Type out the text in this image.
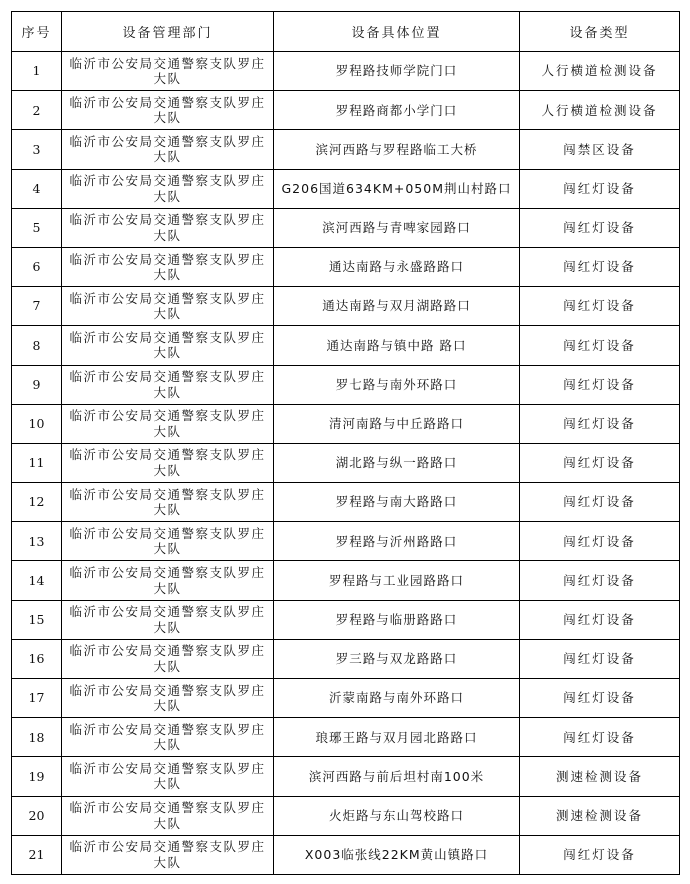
序号	设备管理部门	设备具体位置	设备类型
1	临沂市公安局交通警察支队罗庄大队	罗程路技师学院门口	人行横道检测设备
2	临沂市公安局交通警察支队罗庄大队	罗程路商都小学门口	人行横道检测设备
3	临沂市公安局交通警察支队罗庄大队	滨河西路与罗程路临工大桥	闯禁区设备
4	临沂市公安局交通警察支队罗庄大队	G206国道634KM+050M荆山村路口	闯红灯设备
5	临沂市公安局交通警察支队罗庄大队	滨河西路与青啤家园路口	闯红灯设备
6	临沂市公安局交通警察支队罗庄大队	通达南路与永盛路路口	闯红灯设备
7	临沂市公安局交通警察支队罗庄大队	通达南路与双月湖路路口	闯红灯设备
8	临沂市公安局交通警察支队罗庄大队	通达南路与镇中路 路口	闯红灯设备
9	临沂市公安局交通警察支队罗庄大队	罗七路与南外环路口	闯红灯设备
10	临沂市公安局交通警察支队罗庄大队	清河南路与中丘路路口	闯红灯设备
11	临沂市公安局交通警察支队罗庄大队	湖北路与纵一路路口	闯红灯设备
12	临沂市公安局交通警察支队罗庄大队	罗程路与南大路路口	闯红灯设备
13	临沂市公安局交通警察支队罗庄大队	罗程路与沂州路路口	闯红灯设备
14	临沂市公安局交通警察支队罗庄大队	罗程路与工业园路路口	闯红灯设备
15	临沂市公安局交通警察支队罗庄大队	罗程路与临册路路口	闯红灯设备
16	临沂市公安局交通警察支队罗庄大队	罗三路与双龙路路口	闯红灯设备
17	临沂市公安局交通警察支队罗庄大队	沂蒙南路与南外环路口	闯红灯设备
18	临沂市公安局交通警察支队罗庄大队	琅琊王路与双月园北路路口	闯红灯设备
19	临沂市公安局交通警察支队罗庄大队	滨河西路与前后坦村南100米	测速检测设备
20	临沂市公安局交通警察支队罗庄大队	火炬路与东山驾校路口	测速检测设备
21	临沂市公安局交通警察支队罗庄大队	X003临张线22KM黄山镇路口	闯红灯设备
